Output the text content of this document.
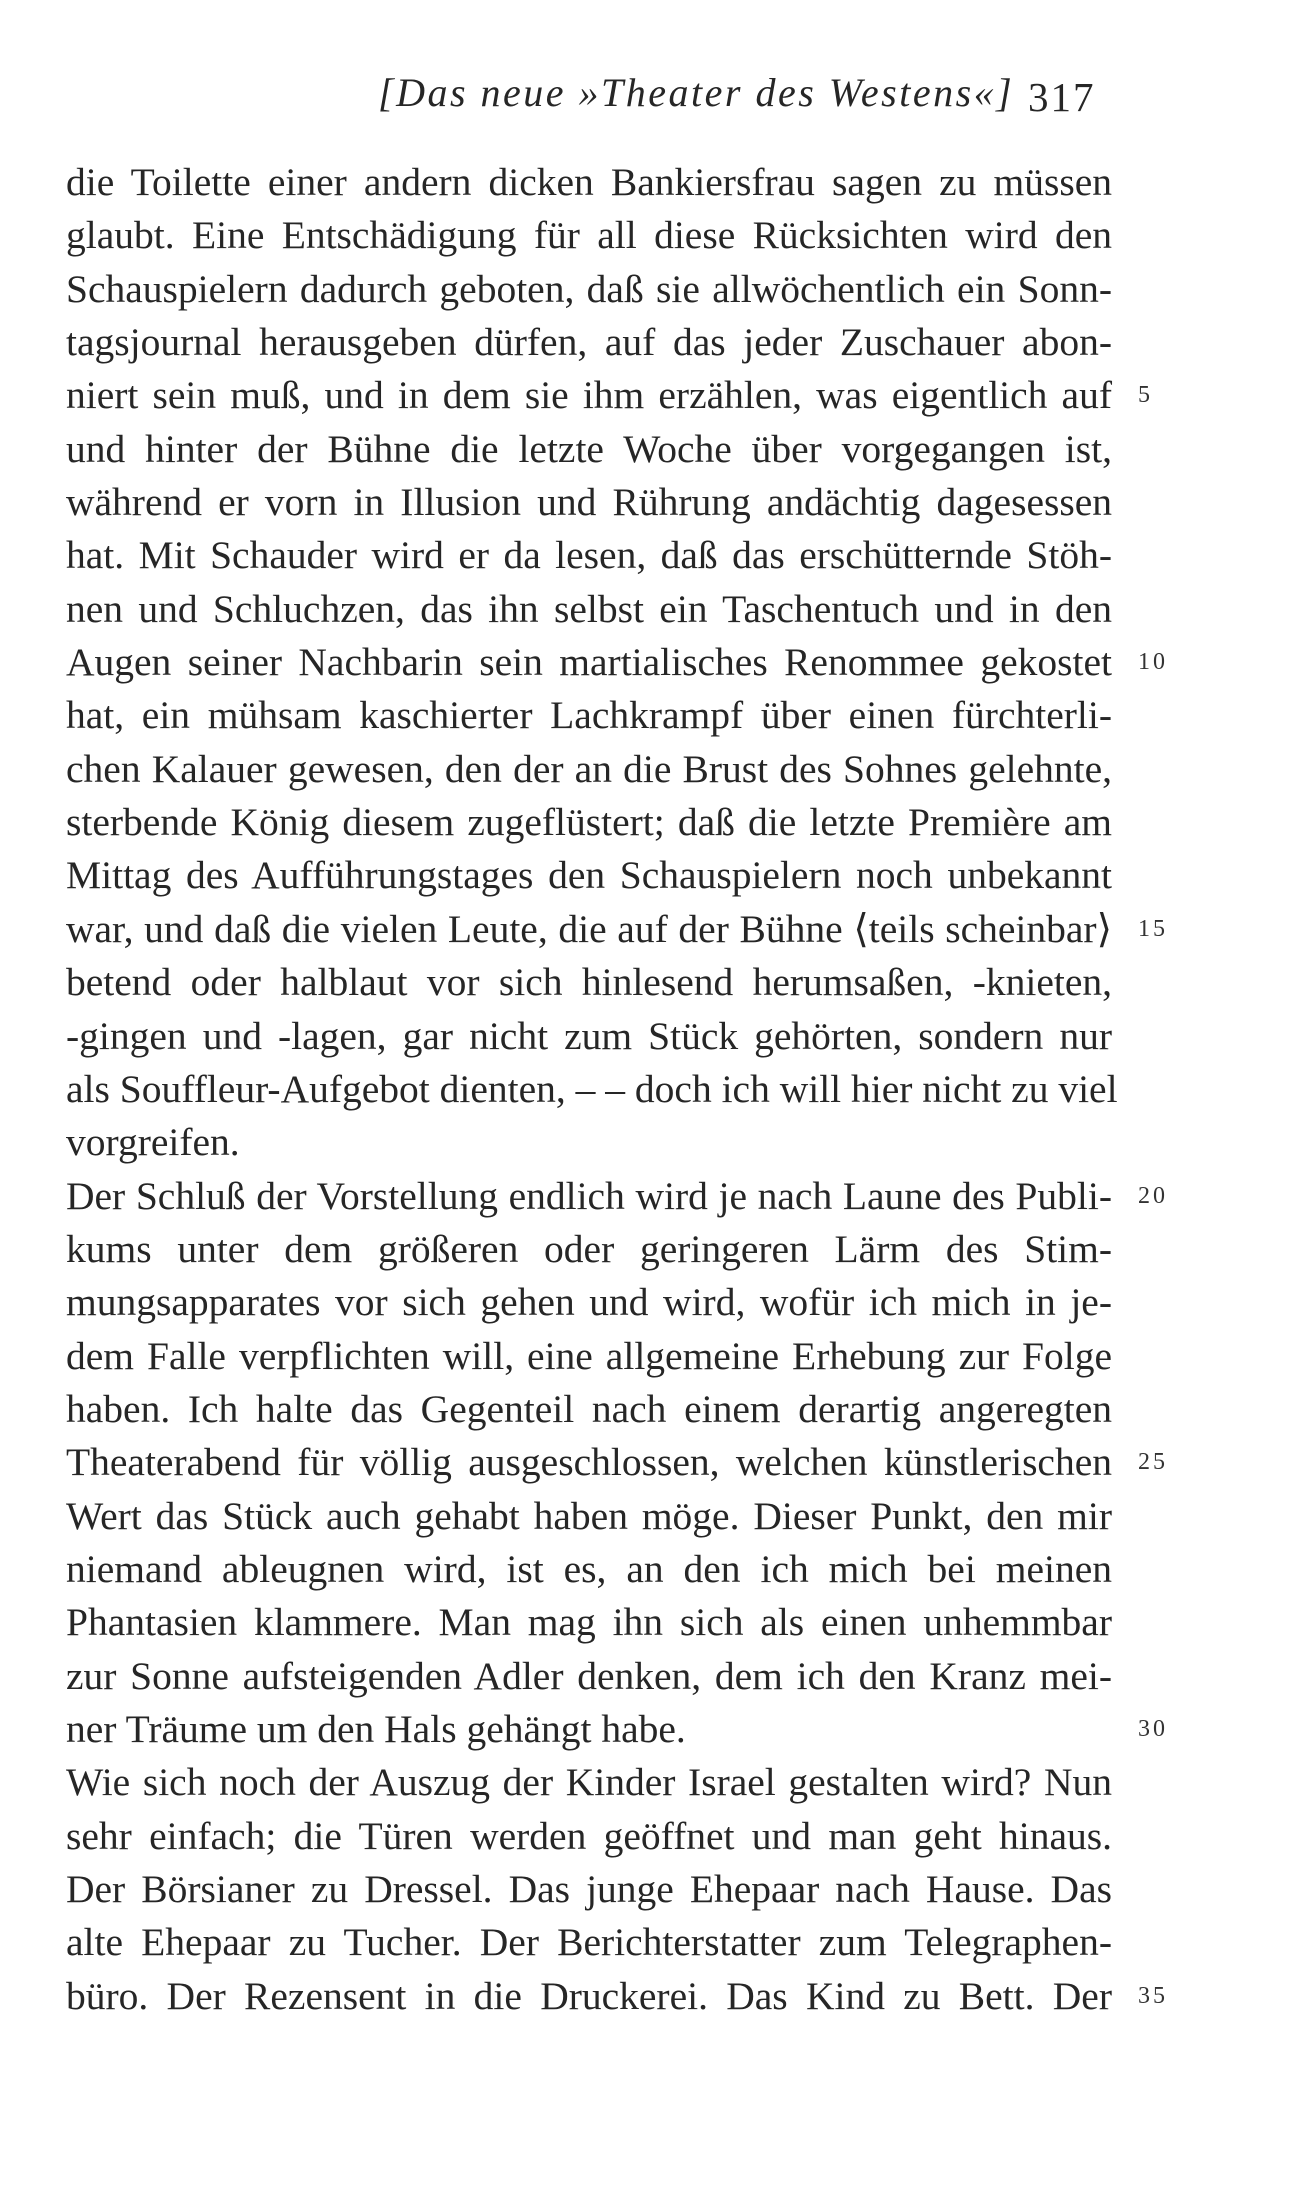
[Das neue »Theater des Westens«] 317
die Toilette einer andern dicken Bankiersfrau sagen zu müssen
glaubt. Eine Entschädigung für all diese Rücksichten wird den
Schauspielern dadurch geboten, daß sie allwöchentlich ein Sonn-
tagsjournal herausgeben dürfen, auf das jeder Zuschauer abon-
niert sein muß, und in dem sie ihm erzählen, was eigentlich auf
und hinter der Bühne die letzte Woche über vorgegangen ist,
während er vorn in Illusion und Rührung andächtig dagesessen
hat. Mit Schauder wird er da lesen, daß das erschütternde Stöh-
nen und Schluchzen, das ihn selbst ein Taschentuch und in den
Augen seiner Nachbarin sein martialisches Renommee gekostet
hat, ein mühsam kaschierter Lachkrampf über einen fürchterli-
chen Kalauer gewesen, den der an die Brust des Sohnes gelehnte,
sterbende König diesem zugeflüstert; daß die letzte Première am
Mittag des Aufführungstages den Schauspielern noch unbekannt
war, und daß die vielen Leute, die auf der Bühne ⟨teils scheinbar⟩
betend oder halblaut vor sich hinlesend herumsaßen, -knieten,
-gingen und -lagen, gar nicht zum Stück gehörten, sondern nur
als Souffleur-Aufgebot dienten, – – doch ich will hier nicht zu viel
vorgreifen.
Der Schluß der Vorstellung endlich wird je nach Laune des Publi-
kums unter dem größeren oder geringeren Lärm des Stim-
mungsapparates vor sich gehen und wird, wofür ich mich in je-
dem Falle verpflichten will, eine allgemeine Erhebung zur Folge
haben. Ich halte das Gegenteil nach einem derartig angeregten
Theaterabend für völlig ausgeschlossen, welchen künstlerischen
Wert das Stück auch gehabt haben möge. Dieser Punkt, den mir
niemand ableugnen wird, ist es, an den ich mich bei meinen
Phantasien klammere. Man mag ihn sich als einen unhemmbar
zur Sonne aufsteigenden Adler denken, dem ich den Kranz mei-
ner Träume um den Hals gehängt habe.
Wie sich noch der Auszug der Kinder Israel gestalten wird? Nun
sehr einfach; die Türen werden geöffnet und man geht hinaus.
Der Börsianer zu Dressel. Das junge Ehepaar nach Hause. Das
alte Ehepaar zu Tucher. Der Berichterstatter zum Telegraphen-
büro. Der Rezensent in die Druckerei. Das Kind zu Bett. Der
5
10
15
20
25
30
35
